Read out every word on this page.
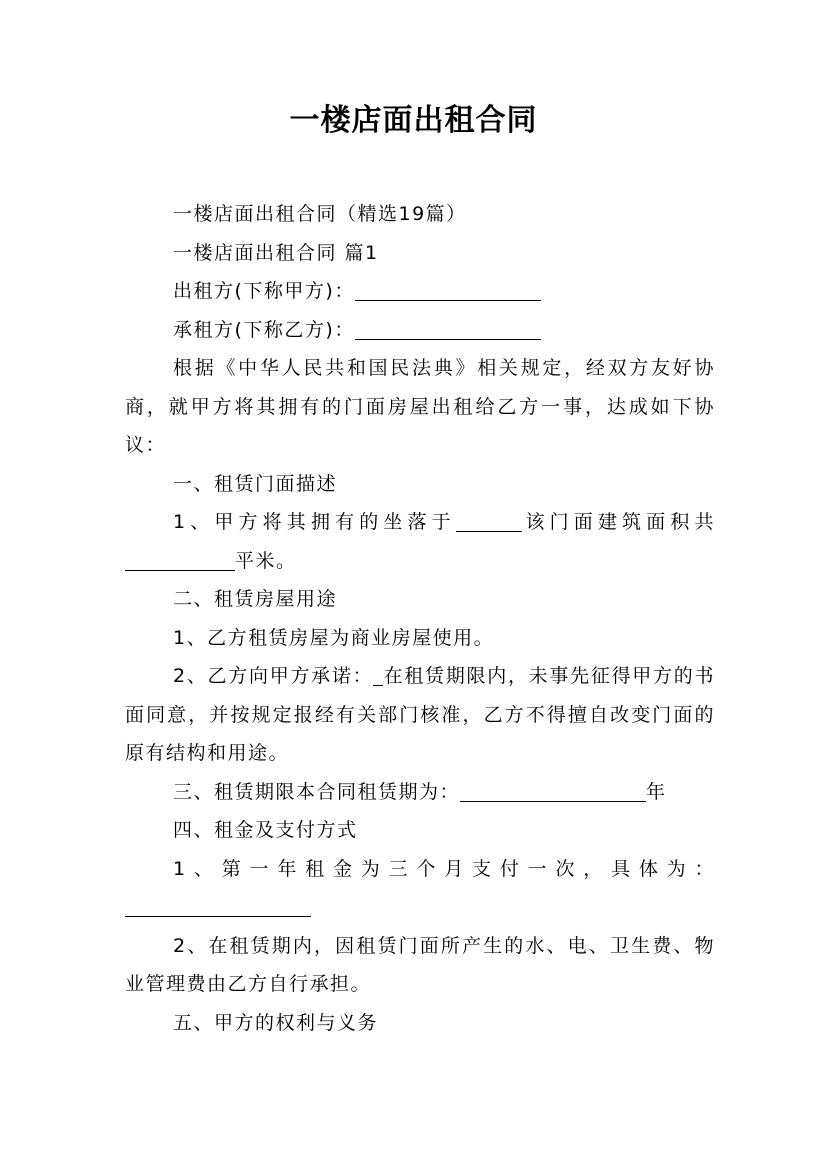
一楼店面出租合同

一楼店面出租合同（精选19篇）

一楼店面出租合同 篇1

出租方(下称甲方)：

承租方(下称乙方)：

根据《中华人民共和国民法典》相关规定，经双方友好协商，就甲方将其拥有的门面房屋出租给乙方一事，达成如下协议：

一、租赁门面描述

1、甲方将其拥有的坐落于	该门面建筑面积共平米。

二、租赁房屋用途

1、乙方租赁房屋为商业房屋使用。

2、乙方向甲方承诺： 在租赁期限内，未事先征得甲方的书面同意，并按规定报经有关部门核准，乙方不得擅自改变门面的原有结构和用途。

三、租赁期限本合同租赁期为：	年

四、租金及支付方式

1、第一年租金为三个月支付一次，具体为：

2、在租赁期内，因租赁门面所产生的水、电、卫生费、物业管理费由乙方自行承担。

五、甲方的权利与义务
